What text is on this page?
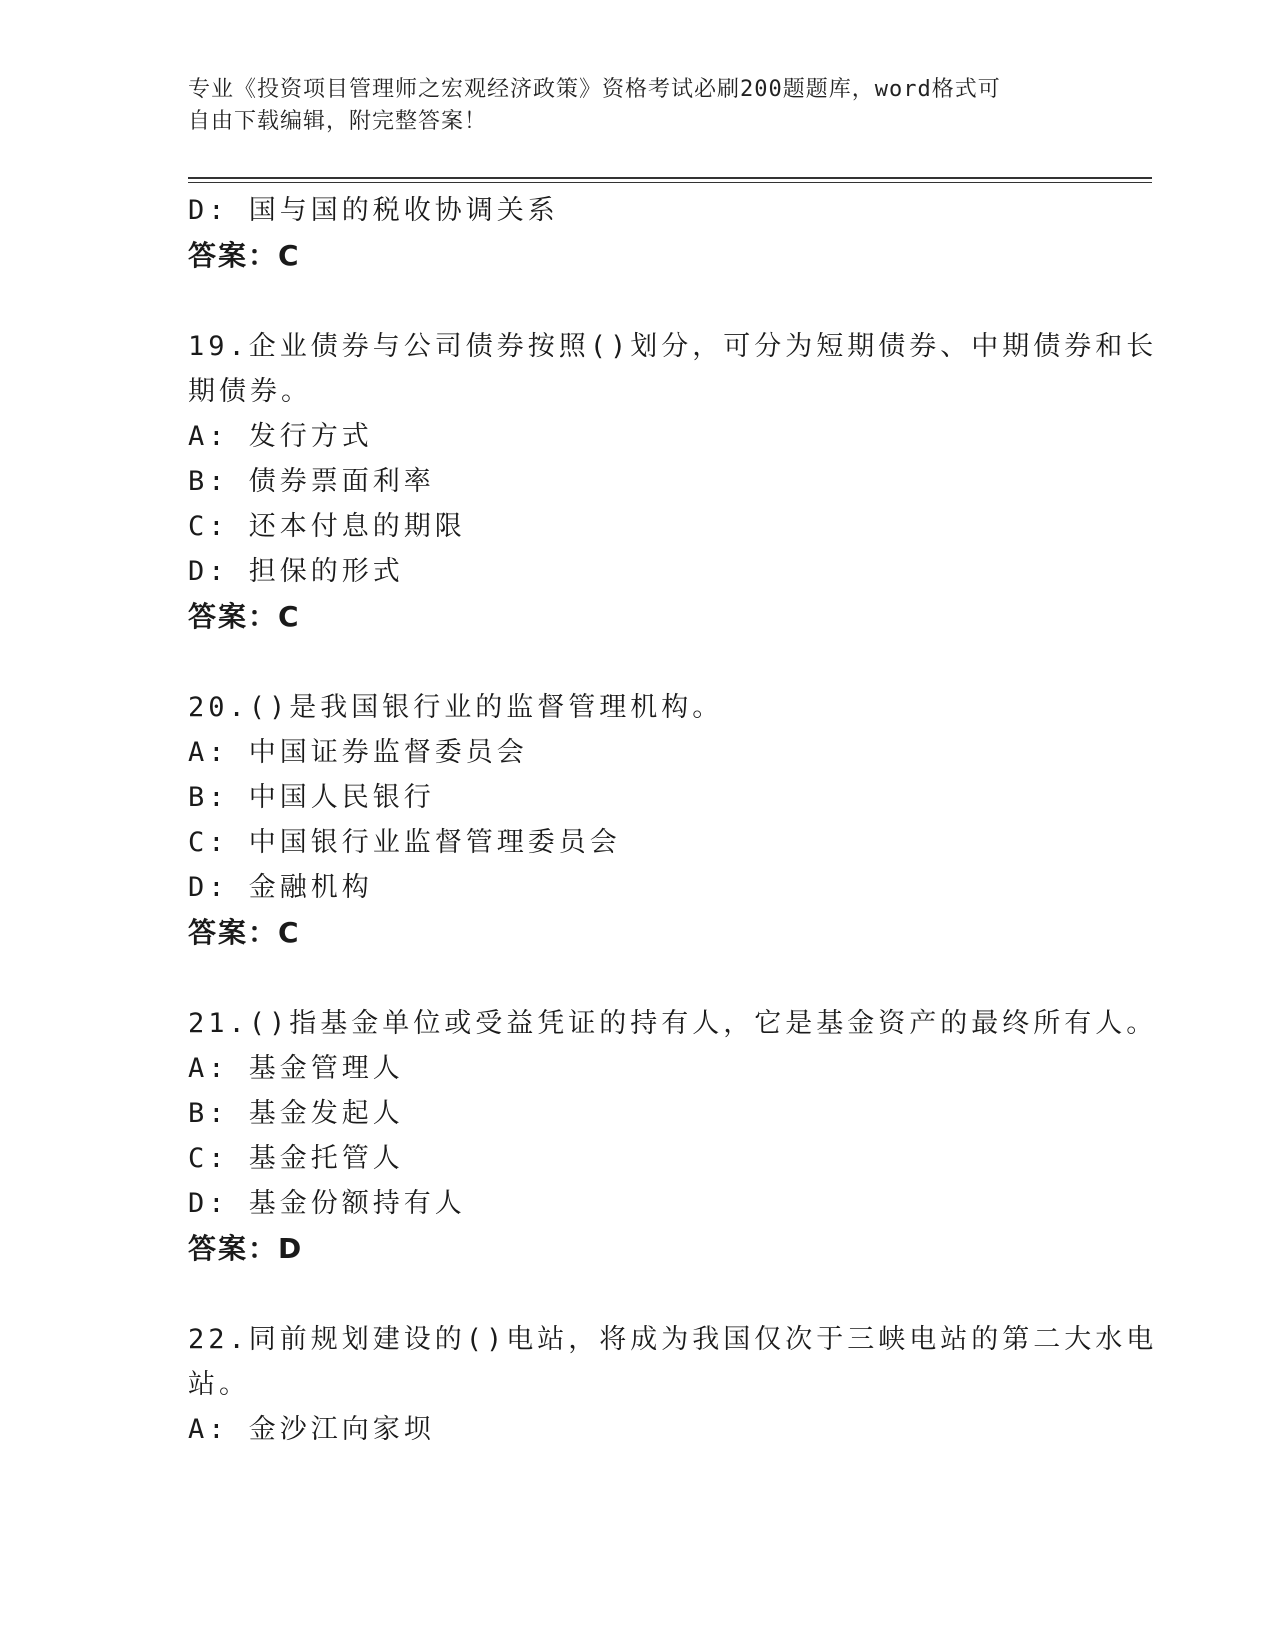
专业《投资项目管理师之宏观经济政策》资格考试必刷200题题库，word格式可
自由下载编辑，附完整答案！
D: 国与国的税收协调关系
答案：C
19.企业债券与公司债券按照()划分，可分为短期债券、中期债券和长
期债券。
A: 发行方式
B: 债券票面利率
C: 还本付息的期限
D: 担保的形式
答案：C
20.()是我国银行业的监督管理机构。
A: 中国证券监督委员会
B: 中国人民银行
C: 中国银行业监督管理委员会
D: 金融机构
答案：C
21.()指基金单位或受益凭证的持有人，它是基金资产的最终所有人。
A: 基金管理人
B: 基金发起人
C: 基金托管人
D: 基金份额持有人
答案：D
22.同前规划建设的()电站，将成为我国仅次于三峡电站的第二大水电
站。
A: 金沙江向家坝
